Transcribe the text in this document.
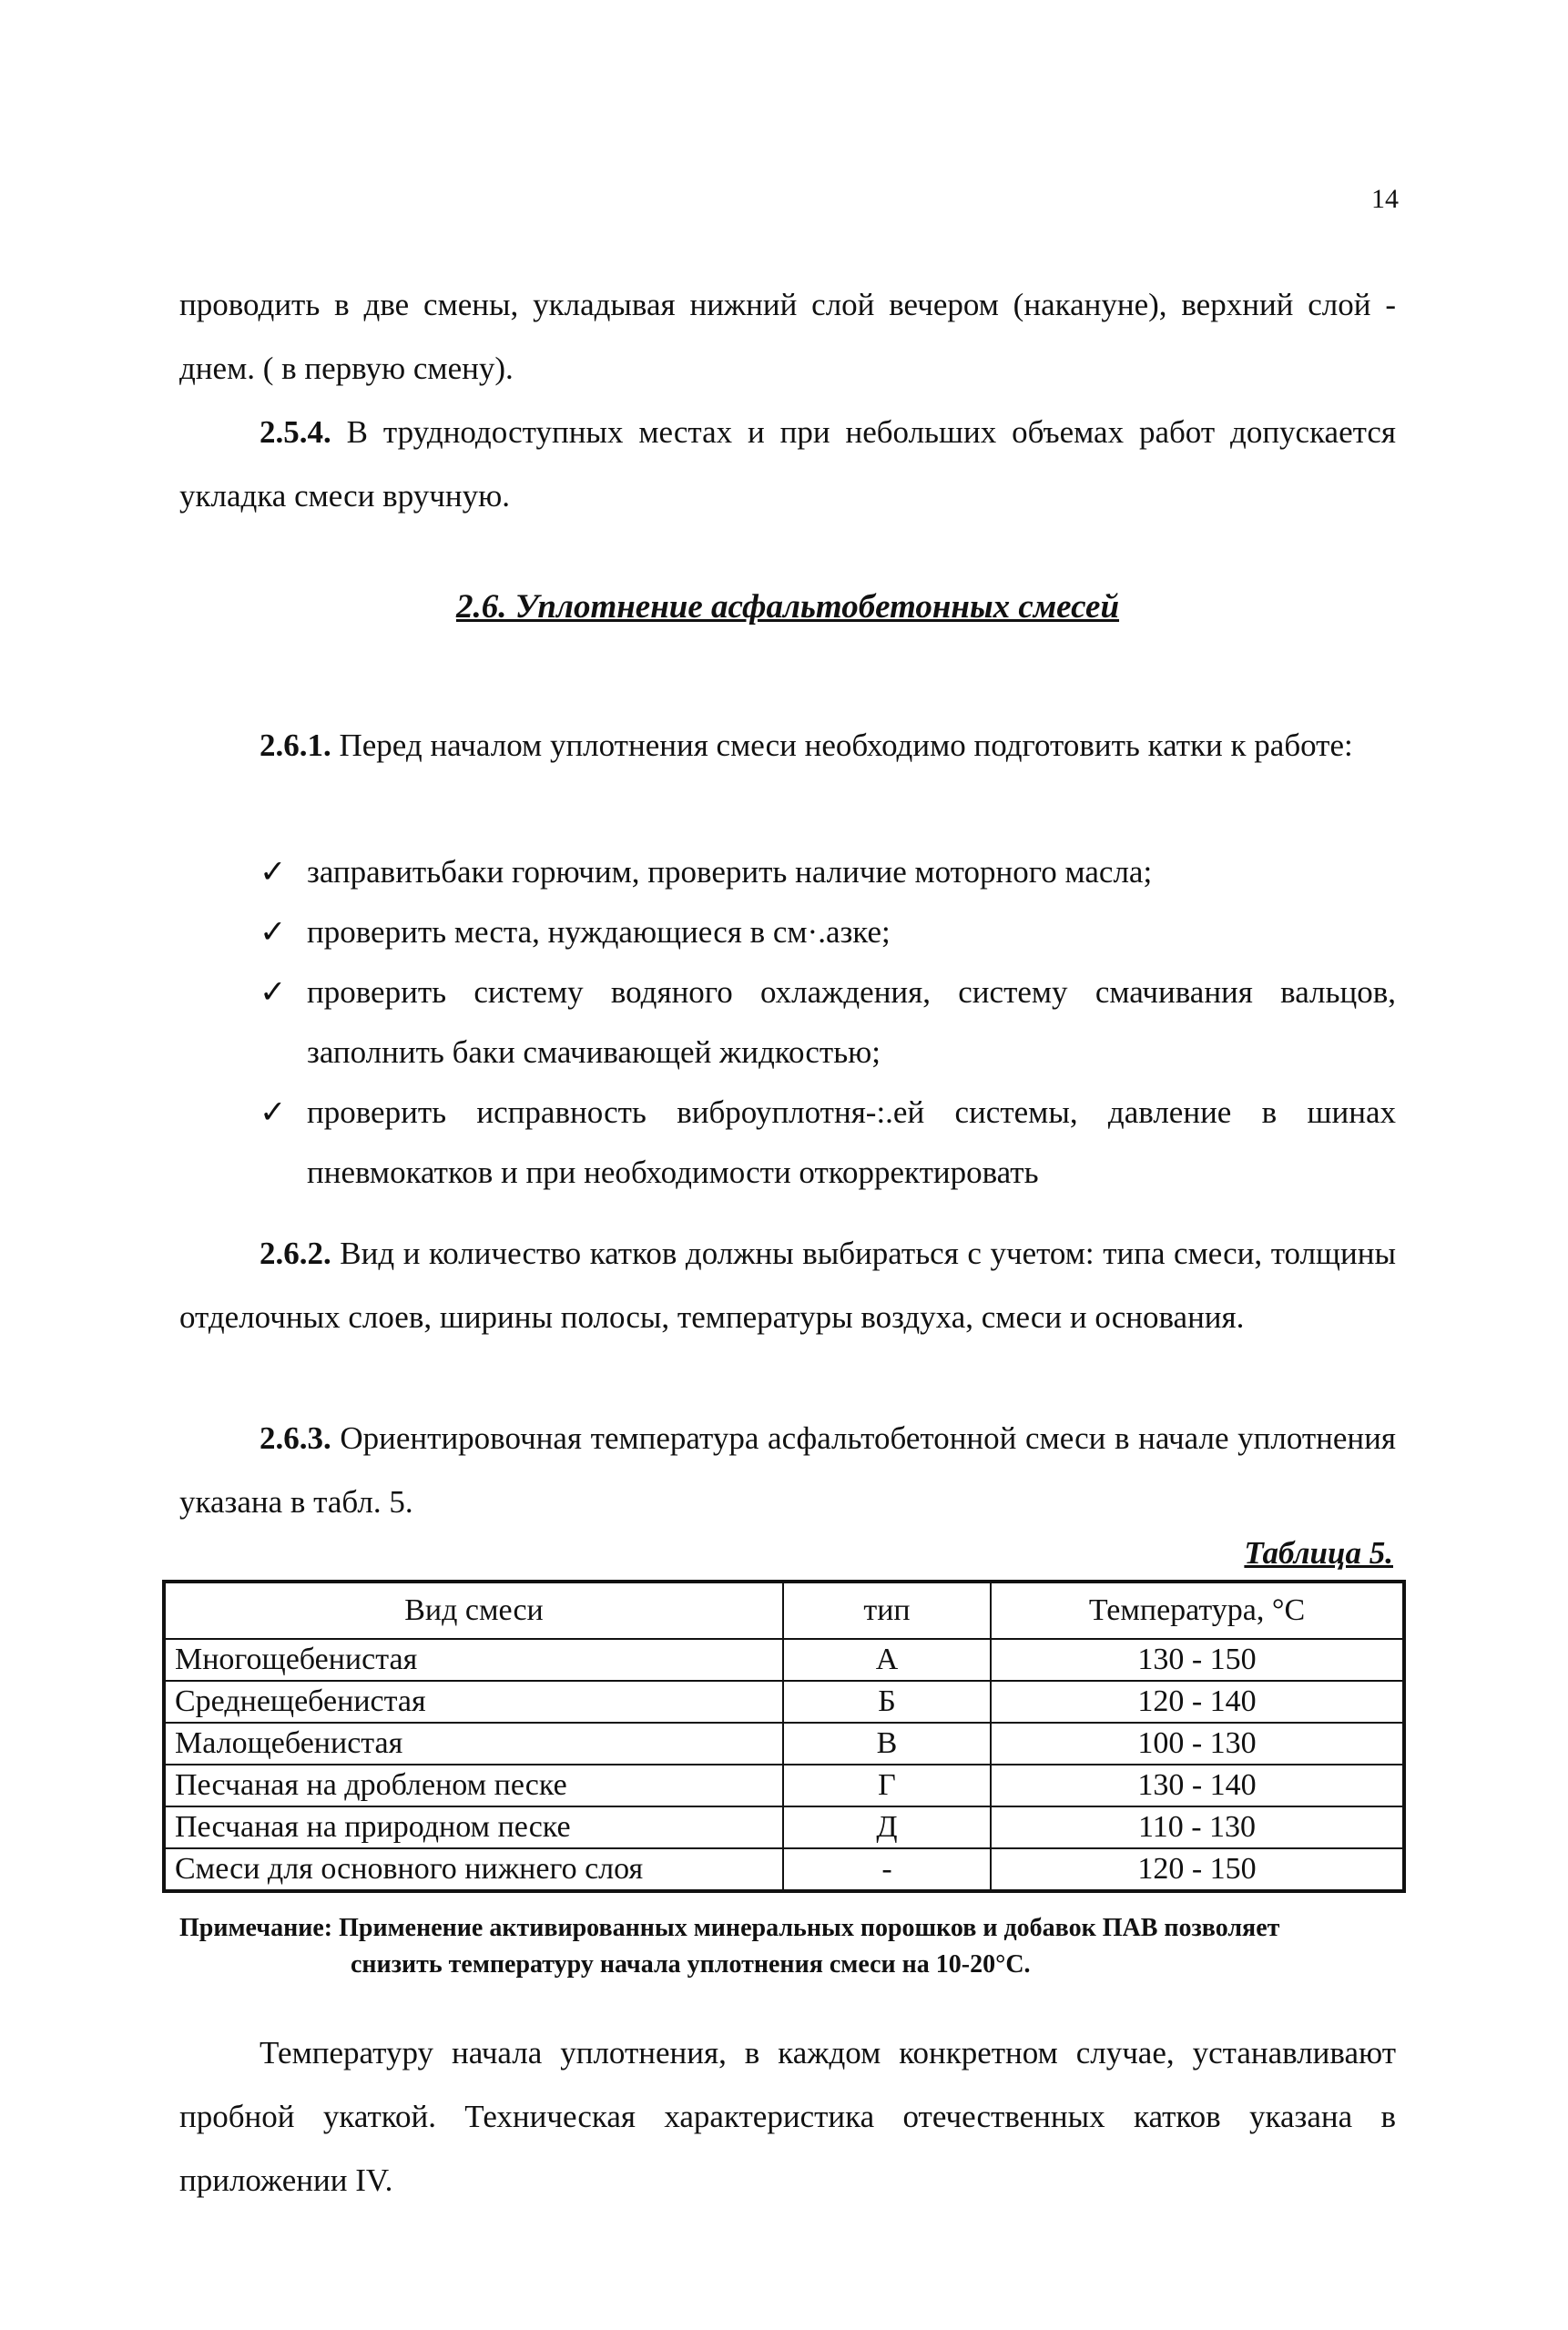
14
проводить в две смены, укладывая нижний слой вечером (накануне), верхний слой - днем. ( в первую смену).
2.5.4. В труднодоступных местах и при небольших объемах работ допускается укладка смеси вручную.
2.6. Уплотнение асфальтобетонных смесей
2.6.1. Перед началом уплотнения смеси необходимо подготовить катки к работе:
✓ заправитьбаки горючим, проверить наличие моторного масла;
✓ проверить места, нуждающиеся в см·.азке;
✓ проверить систему водяного охлаждения, систему смачивания вальцов, заполнить баки смачивающей жидкостью;
✓ проверить исправность виброуплотня-:.ей системы, давление в шинах пневмокатков и при необходимости откорректировать
2.6.2. Вид и количество катков должны выбираться с учетом: типа смеси, толщины отделочных слоев, ширины полосы, температуры воздуха, смеси и основания.
2.6.3. Ориентировочная температура асфальтобетонной смеси в начале уплотнения указана в табл. 5.
Таблица 5.
Вид смеси	тип	Температура, °С
Многощебенистая	А	130 - 150
Среднещебенистая	Б	120 - 140
Малощебенистая	В	100 - 130
Песчаная на дробленом песке	Г	130 - 140
Песчаная на природном песке	Д	110 - 130
Смеси для основного нижнего слоя	-	120 - 150
Примечание: Применение активированных минеральных порошков и добавок ПАВ позволяет
снизить температуру начала уплотнения смеси на 10-20°С.
Температуру начала уплотнения, в каждом конкретном случае, устанавливают пробной укаткой. Техническая характеристика отечественных катков указана в приложении IV.
